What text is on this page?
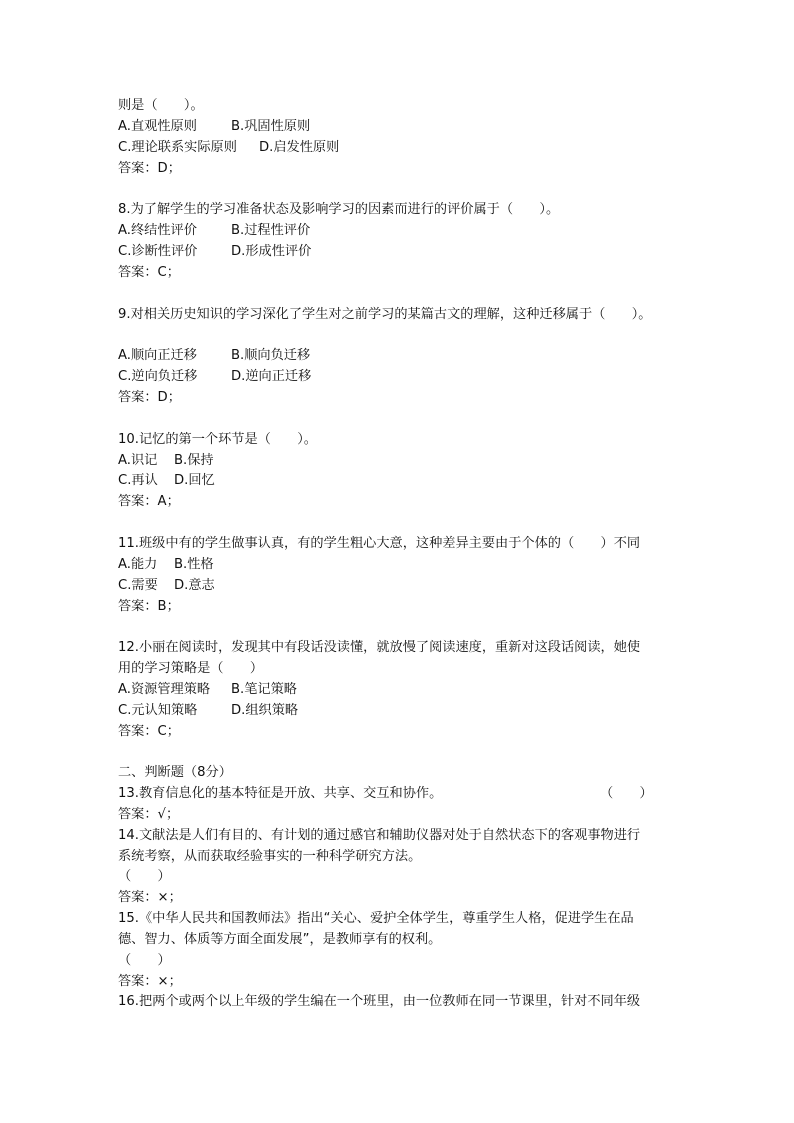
则是（　　）。
A.直观性原则	B.巩固性原则
C.理论联系实际原则 D.启发性原则
答案：D；
8.为了解学生的学习准备状态及影响学习的因素而进行的评价属于（　　）。
A.终结性评价	B.过程性评价
C.诊断性评价	D.形成性评价
答案：C；
9.对相关历史知识的学习深化了学生对之前学习的某篇古文的理解，这种迁移属于（　　）。
A.顺向正迁移	B.顺向负迁移
C.逆向负迁移	D.逆向正迁移
答案：D；
10.记忆的第一个环节是（　　）。
A.识记 B.保持
C.再认 D.回忆
答案：A；
11.班级中有的学生做事认真，有的学生粗心大意，这种差异主要由于个体的（　　）不同
A.能力 B.性格
C.需要 D.意志
答案：B；
12.小丽在阅读时，发现其中有段话没读懂，就放慢了阅读速度，重新对这段话阅读，她使
用的学习策略是（　　）
A.资源管理策略 B.笔记策略
C.元认知策略	D.组织策略
答案：C；
二、判断题（8分）
13.教育信息化的基本特征是开放、共享、交互和协作。	（　　）
答案：√；
14.文献法是人们有目的、有计划的通过感官和辅助仪器对处于自然状态下的客观事物进行
系统考察，从而获取经验事实的一种科学研究方法。
（　　）
答案：×；
15.《中华人民共和国教师法》指出“关心、爱护全体学生，尊重学生人格，促进学生在品
德、智力、体质等方面全面发展”，是教师享有的权利。
（　　）
答案：×；
16.把两个或两个以上年级的学生编在一个班里，由一位教师在同一节课里，针对不同年级
